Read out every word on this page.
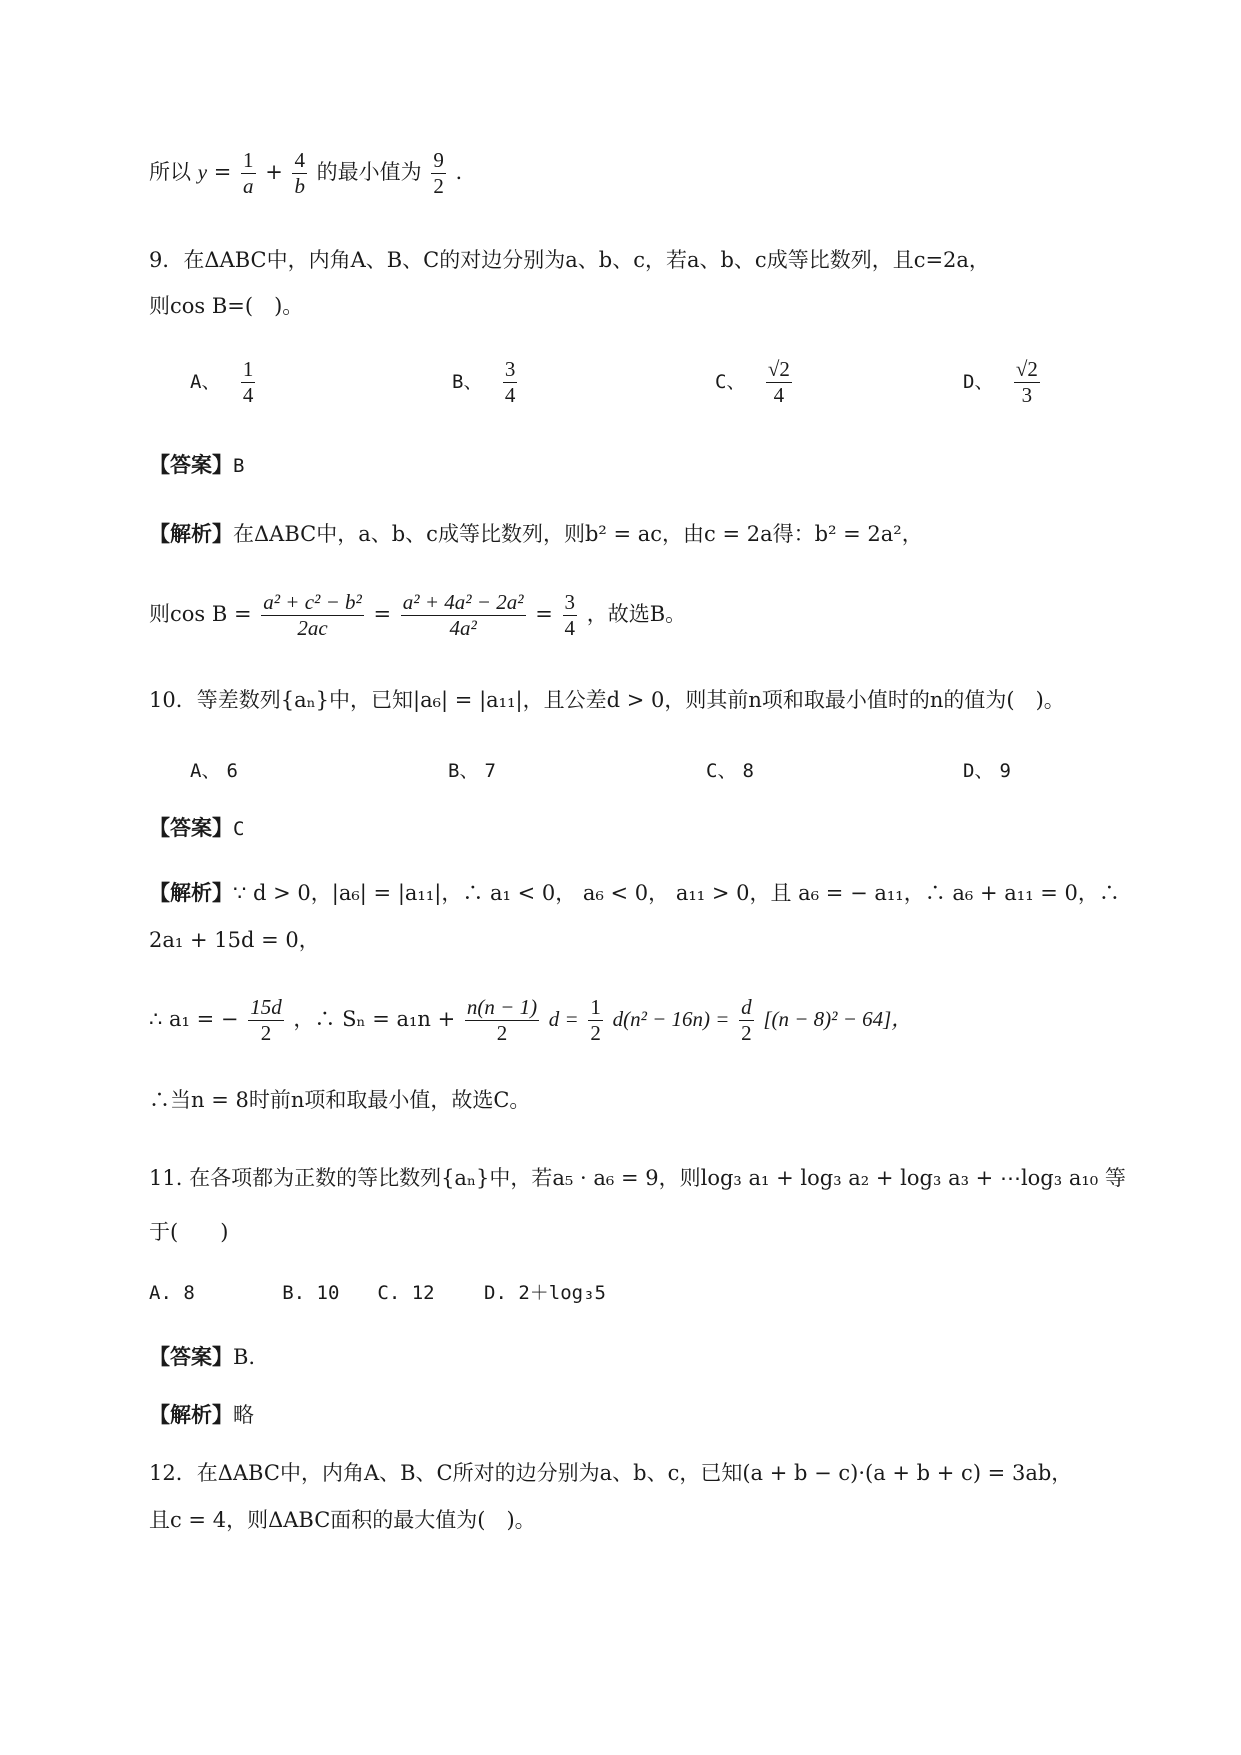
所以 $y = \frac{1}{a} + \frac{4}{b}$ 的最小值为 $\frac{9}{2}$ .
9．在ΔABC中，内角A、B、C的对边分别为a、b、c，若a、b、c成等比数列，且c=2a，
则cos B=(　)。
A、 $\frac{1}{4}$	B、 $\frac{3}{4}$	C、 $\frac{√2}{4}$	D、 $\frac{√2}{3}$
【答案】B
【解析】在ΔABC中，a、b、c成等比数列，则b² = ac，由c = 2a得：b² = 2a²，
则$\cos B = \frac{\text{a² + c² − b²}}{2ac} = \frac{\text{a² + 4a² − 2a²}}{\text{4a²}} = \frac{3}{4}$ ，故选B。
10．等差数列{aₙ}中，已知|a₆| = |a₁₁|，且公差d > 0，则其前n项和取最小值时的n的值为(　)。
A、 6	B、 7	C、 8	D、 9
【答案】C
【解析】∵ d > 0，|a₆| = |a₁₁|，∴ a₁ < 0， a₆ < 0， a₁₁ > 0，且 a₆ = − a₁₁，∴ a₆ + a₁₁ = 0，∴
2a₁ + 15d = 0，
∴ a₁ = − $\frac{15d}{2}$ ，∴ $S_n = a_1n + \frac{n(n - 1)}{2}$ $d = \frac{1}{2} d(n^2 - 16n) = \frac{d}{2} [(n - 8)^2 - 64]$，
∴当n = 8时前n项和取最小值，故选C。
11. 在各项都为正数的等比数列{aₙ}中，若a₅ · a₆ = 9，则log₃ a₁ + log₃ a₂ + log₃ a₃ + ⋯log₃ a₁₀ 等
于(　　)
A. 8　　　　 B. 10　　C. 12　　 D. 2＋log₃5
【答案】B.
【解析】略
12．在ΔABC中，内角A、B、C所对的边分别为a、b、c，已知(a + b − c)·(a + b + c) = 3ab，
且c = 4，则ΔABC面积的最大值为(　)。
